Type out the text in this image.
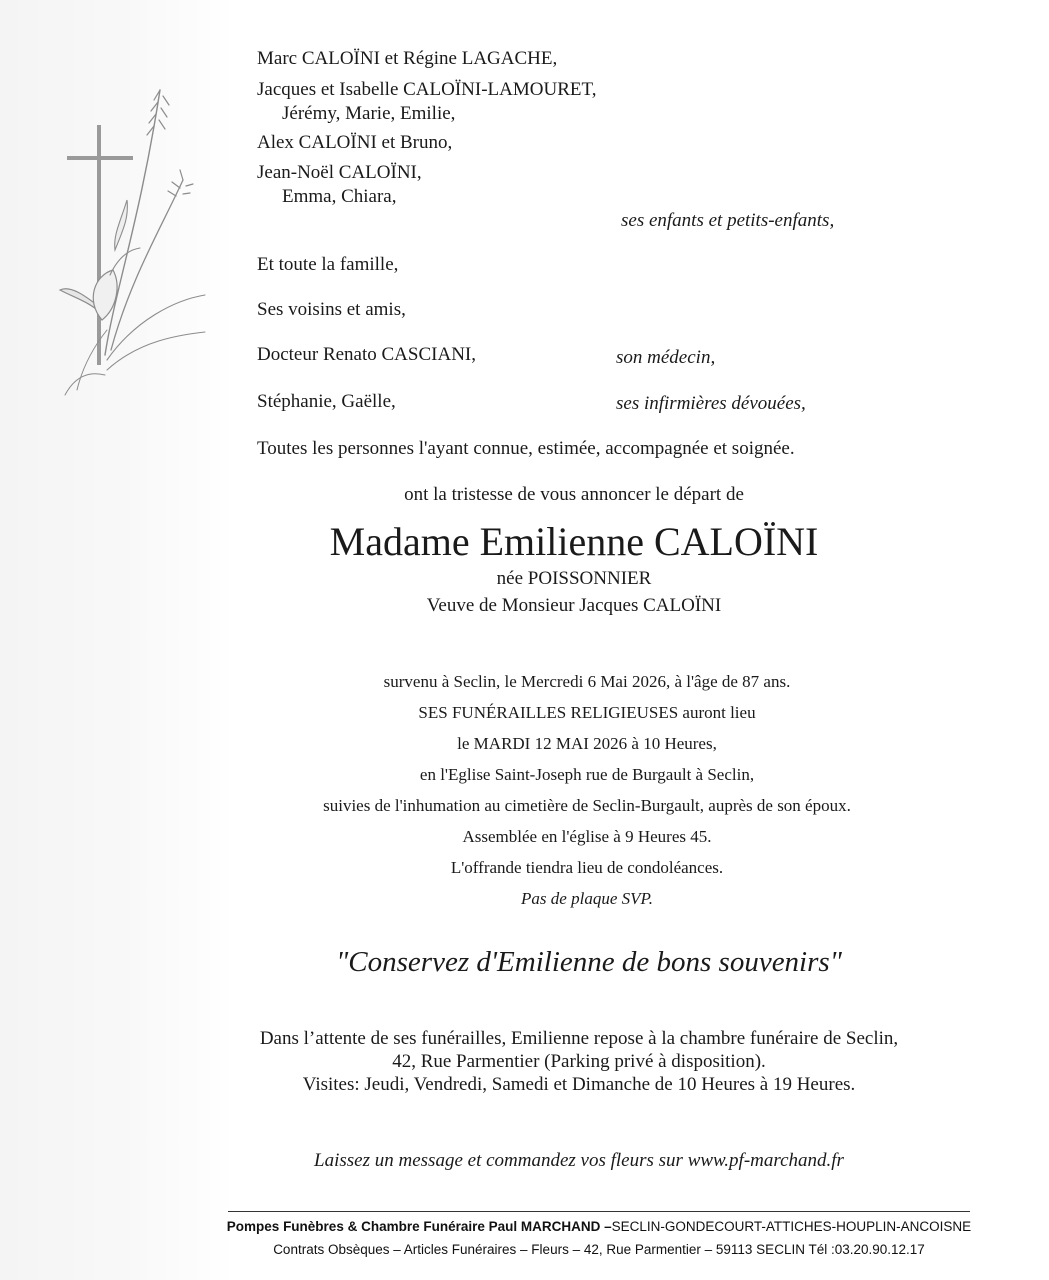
Marc CALOÏNI et Régine LAGACHE,
Jacques et Isabelle CALOÏNI-LAMOURET,
Jérémy, Marie, Emilie,
Alex CALOÏNI et Bruno,
Jean-Noël CALOÏNI,
Emma, Chiara,
ses enfants et petits-enfants,
Et toute la famille,
Ses voisins et amis,
Docteur Renato CASCIANI,	son médecin,
Stéphanie, Gaëlle,	ses infirmières dévouées,
Toutes les personnes l'ayant connue, estimée, accompagnée et soignée.
ont la tristesse de vous annoncer le départ de
Madame Emilienne CALOÏNI
née POISSONNIER
Veuve de Monsieur Jacques CALOÏNI
survenu à Seclin, le Mercredi 6 Mai 2026, à l'âge de 87 ans.
SES FUNÉRAILLES RELIGIEUSES auront lieu
le MARDI 12 MAI 2026 à 10 Heures,
en l'Eglise Saint-Joseph rue de Burgault à Seclin,
suivies de l'inhumation au cimetière de Seclin-Burgault, auprès de son époux.
Assemblée en l'église à 9 Heures 45.
L'offrande tiendra lieu de condoléances.
Pas de plaque SVP.
"Conservez d'Emilienne de bons souvenirs"
Dans l’attente de ses funérailles, Emilienne repose à la chambre funéraire de Seclin,
42, Rue Parmentier (Parking privé à disposition).
Visites: Jeudi, Vendredi, Samedi et Dimanche de 10 Heures à 19 Heures.
Laissez un message et commandez vos fleurs sur www.pf-marchand.fr
Pompes Funèbres & Chambre Funéraire Paul MARCHAND –SECLIN-GONDECOURT-ATTICHES-HOUPLIN-ANCOISNE
Contrats Obsèques – Articles Funéraires – Fleurs – 42, Rue Parmentier – 59113 SECLIN Tél :03.20.90.12.17
